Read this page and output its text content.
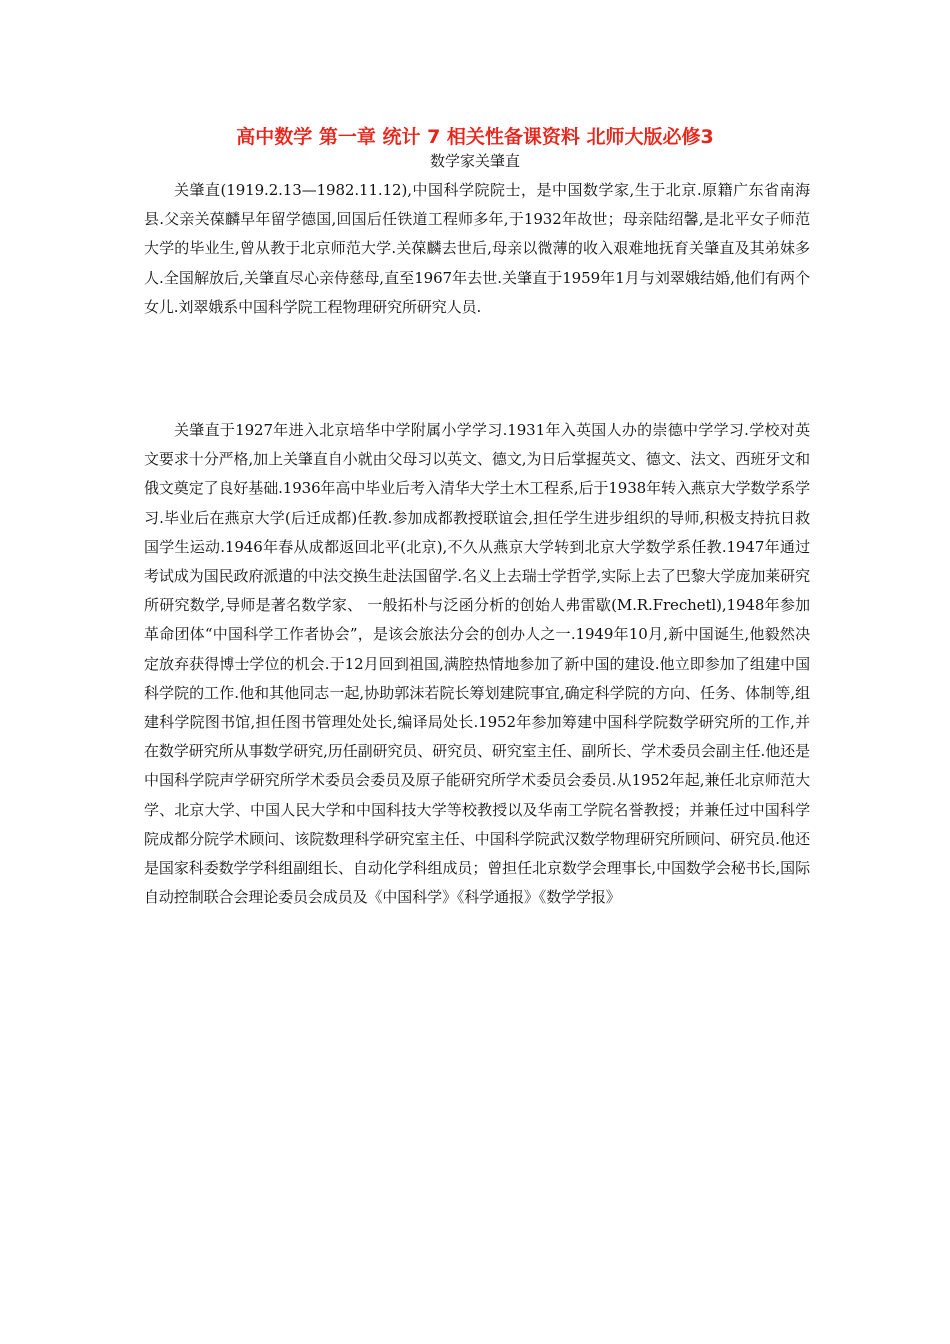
高中数学 第一章 统计 7 相关性备课资料 北师大版必修3
数学家关肇直

关肇直(1919.2.13—1982.11.12),中国科学院院士，是中国数学家,生于北京.原籍广东省南海县.父亲关葆麟早年留学德国,回国后任铁道工程师多年,于1932年故世；母亲陆绍馨,是北平女子师范大学的毕业生,曾从教于北京师范大学.关葆麟去世后,母亲以微薄的收入艰难地抚育关肇直及其弟妹多人.全国解放后,关肇直尽心亲侍慈母,直至1967年去世.关肇直于1959年1月与刘翠娥结婚,他们有两个女儿.刘翠娥系中国科学院工程物理研究所研究人员.

关肇直于1927年进入北京培华中学附属小学学习.1931年入英国人办的崇德中学学习.学校对英文要求十分严格,加上关肇直自小就由父母习以英文、德文,为日后掌握英文、德文、法文、西班牙文和俄文奠定了良好基础.1936年高中毕业后考入清华大学土木工程系,后于1938年转入燕京大学数学系学习.毕业后在燕京大学(后迁成都)任教.参加成都教授联谊会,担任学生进步组织的导师,积极支持抗日救国学生运动.1946年春从成都返回北平(北京),不久从燕京大学转到北京大学数学系任教.1947年通过考试成为国民政府派遣的中法交换生赴法国留学.名义上去瑞士学哲学,实际上去了巴黎大学庞加莱研究所研究数学,导师是著名数学家、 一般拓朴与泛函分析的创始人弗雷歇(M.R.Frechetl),1948年参加革命团体“中国科学工作者协会”，是该会旅法分会的创办人之一.1949年10月,新中国诞生,他毅然决定放弃获得博士学位的机会.于12月回到祖国,满腔热情地参加了新中国的建设.他立即参加了组建中国科学院的工作.他和其他同志一起,协助郭沫若院长筹划建院事宜,确定科学院的方向、任务、体制等,组建科学院图书馆,担任图书管理处处长,编译局处长.1952年参加筹建中国科学院数学研究所的工作,并在数学研究所从事数学研究,历任副研究员、研究员、研究室主任、副所长、学术委员会副主任.他还是中国科学院声学研究所学术委员会委员及原子能研究所学术委员会委员.从1952年起,兼任北京师范大学、北京大学、中国人民大学和中国科技大学等校教授以及华南工学院名誉教授；并兼任过中国科学院成都分院学术顾问、该院数理科学研究室主任、中国科学院武汉数学物理研究所顾问、研究员.他还是国家科委数学学科组副组长、自动化学科组成员；曾担任北京数学会理事长,中国数学会秘书长,国际自动控制联合会理论委员会成员及《中国科学》《科学通报》《数学学报》
